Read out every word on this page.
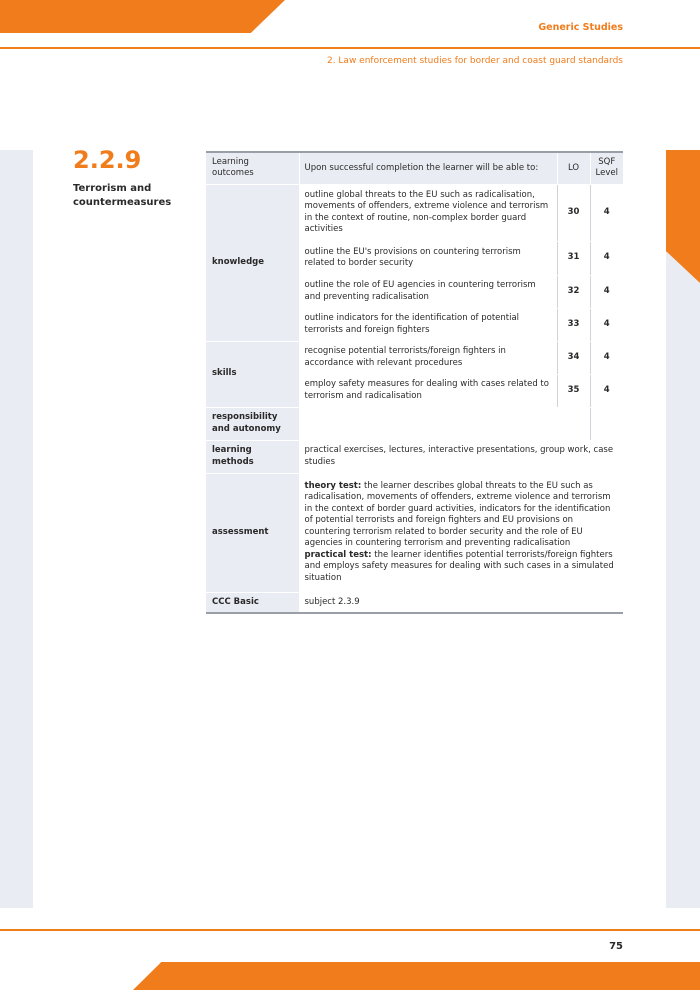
Generic Studies
2. Law enforcement studies for border and coast guard standards
2.2.9
Terrorism and countermeasures
Learning outcomes	Upon successful completion the learner will be able to:	LO	SQF Level
knowledge	outline global threats to the EU such as radicalisation, movements of offenders, extreme violence and terrorism in the context of routine, non-complex border guard activities	30	4
	outline the EU's provisions on countering terrorism related to border security	31	4
	outline the role of EU agencies in countering terrorism and preventing radicalisation	32	4
	outline indicators for the identification of potential terrorists and foreign fighters	33	4
skills	recognise potential terrorists/foreign fighters in accordance with relevant procedures	34	4
	employ safety measures for dealing with cases related to terrorism and radicalisation	35	4
responsibility and autonomy			
learning methods	practical exercises, lectures, interactive presentations, group work, case studies		
assessment	theory test: the learner describes global threats to the EU such as radicalisation, movements of offenders, extreme violence and terrorism in the context of border guard activities, indicators for the identification of potential terrorists and foreign fighters and EU provisions on countering terrorism related to border security and the role of EU agencies in countering terrorism and preventing radicalisation
practical test: the learner identifies potential terrorists/foreign fighters and employs safety measures for dealing with such cases in a simulated situation		
CCC Basic	subject 2.3.9		
75
